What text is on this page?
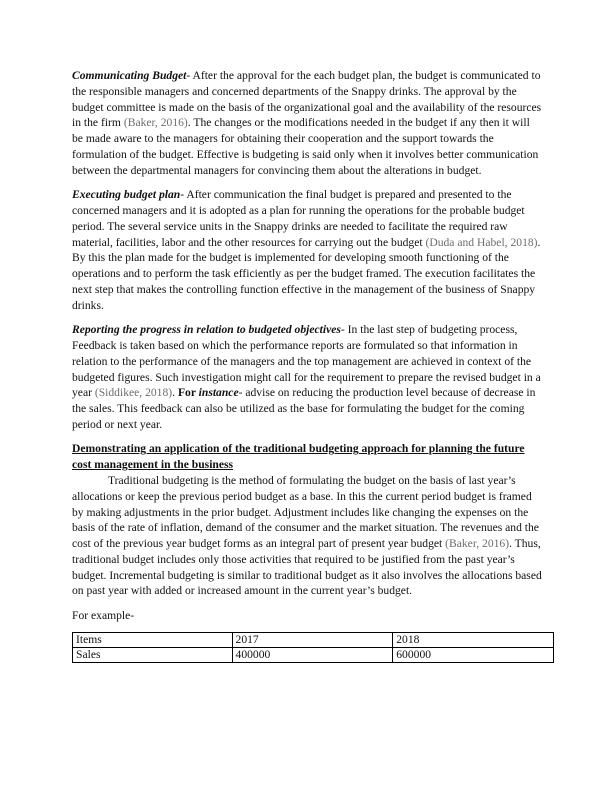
Communicating Budget- After the approval for the each budget plan, the budget is communicated to the responsible managers and concerned departments of the Snappy drinks. The approval by the budget committee is made on the basis of the organizational goal and the availability of the resources in the firm (Baker, 2016). The changes or the modifications needed in the budget if any then it will be made aware to the managers for obtaining their cooperation and the support towards the formulation of the budget. Effective is budgeting is said only when it involves better communication between the departmental managers for convincing them about the alterations in budget.

Executing budget plan- After communication the final budget is prepared and presented to the concerned managers and it is adopted as a plan for running the operations for the probable budget period. The several service units in the Snappy drinks are needed to facilitate the required raw material, facilities, labor and the other resources for carrying out the budget (Duda and Habel, 2018). By this the plan made for the budget is implemented for developing smooth functioning of the operations and to perform the task efficiently as per the budget framed. The execution facilitates the next step that makes the controlling function effective in the management of the business of Snappy drinks.

Reporting the progress in relation to budgeted objectives- In the last step of budgeting process, Feedback is taken based on which the performance reports are formulated so that information in relation to the performance of the managers and the top management are achieved in context of the budgeted figures. Such investigation might call for the requirement to prepare the revised budget in a year (Siddikee, 2018). For instance- advise on reducing the production level because of decrease in the sales. This feedback can also be utilized as the base for formulating the budget for the coming period or next year.

Demonstrating an application of the traditional budgeting approach for planning the future cost management in the business

Traditional budgeting is the method of formulating the budget on the basis of last year’s allocations or keep the previous period budget as a base. In this the current period budget is framed by making adjustments in the prior budget. Adjustment includes like changing the expenses on the basis of the rate of inflation, demand of the consumer and the market situation. The revenues and the cost of the previous year budget forms as an integral part of present year budget (Baker, 2016). Thus, traditional budget includes only those activities that required to be justified from the past year’s budget. Incremental budgeting is similar to traditional budget as it also involves the allocations based on past year with added or increased amount in the current year’s budget.

For example-

Items	2017	2018
Sales	400000	600000
